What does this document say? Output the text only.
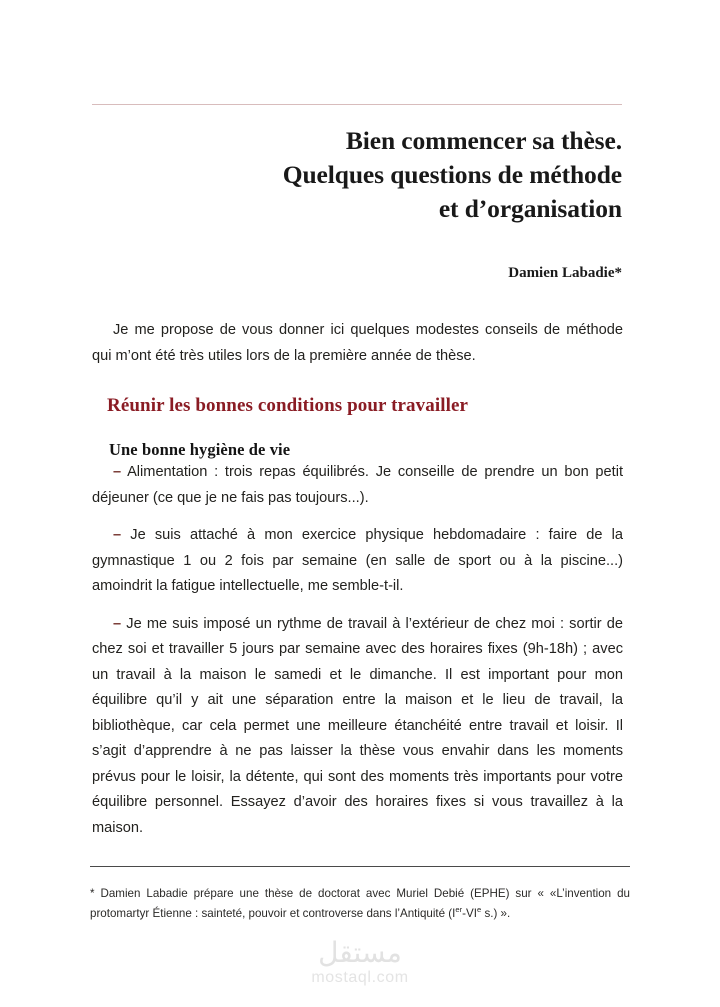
Bien commencer sa thèse.
Quelques questions de méthode
et d’organisation
Damien Labadie*

Je me propose de vous donner ici quelques modestes conseils de méthode qui m’ont été très utiles lors de la première année de thèse.

Réunir les bonnes conditions pour travailler
Une bonne hygiène de vie

– Alimentation : trois repas équilibrés. Je conseille de prendre un bon petit déjeuner (ce que je ne fais pas toujours...).

– Je suis attaché à mon exercice physique hebdomadaire : faire de la gymnastique 1 ou 2 fois par semaine (en salle de sport ou à la piscine...) amoindrit la fatigue intellectuelle, me semble-t-il.

– Je me suis imposé un rythme de travail à l’extérieur de chez moi : sortir de chez soi et travailler 5 jours par semaine avec des horaires fixes (9h-18h) ; avec un travail à la maison le samedi et le dimanche. Il est important pour mon équilibre qu’il y ait une séparation entre la maison et le lieu de travail, la bibliothèque, car cela permet une meilleure étanchéité entre travail et loisir. Il s’agit d’apprendre à ne pas laisser la thèse vous envahir dans les moments prévus pour le loisir, la détente, qui sont des moments très importants pour votre équilibre personnel. Essayez d’avoir des horaires fixes si vous travaillez à la maison.

* Damien Labadie prépare une thèse de doctorat avec Muriel Debié (EPHE) sur « «L’invention du protomartyr Étienne : sainteté, pouvoir et controverse dans l’Antiquité (Ier-VIe s.) ».
مستقل
mostaql.com
